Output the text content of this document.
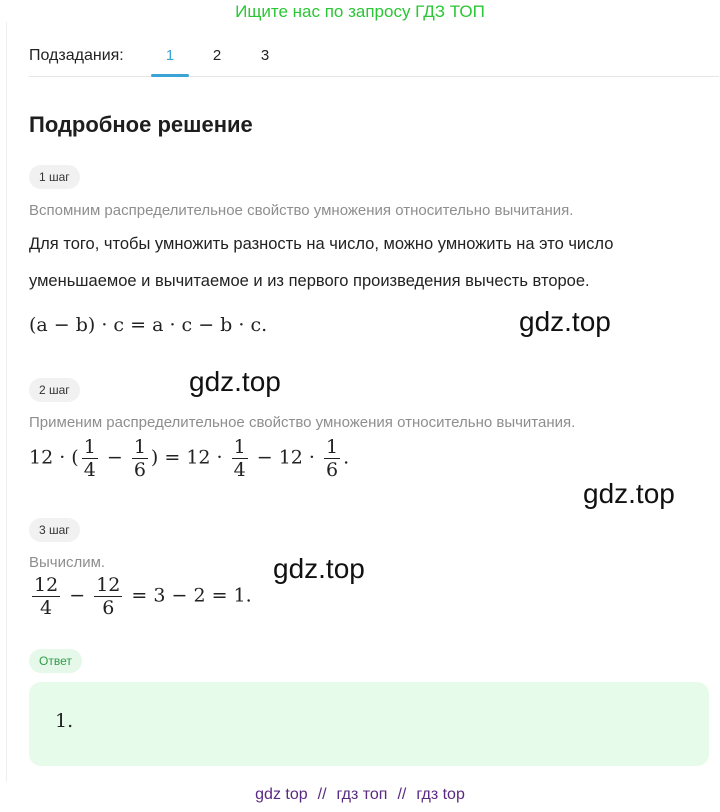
Ищите нас по запросу ГДЗ ТОП
Подзадания:	1	2	3
Подробное решение
1 шаг
Вспомним распределительное свойство умножения относительно вычитания.
Для того, чтобы умножить разность на число, можно умножить на это число
уменьшаемое и вычитаемое и из первого произведения вычесть второе.
(a − b) · c = a · c − b · c.	gdz.top
gdz.top
2 шаг
Применим распределительное свойство умножения относительно вычитания.
12 · ( $\frac{1}{4} - \frac{1}{6}$ ) = $12 \cdot \frac{1}{4} - 12 \cdot \frac{1}{6}$ .
gdz.top
3 шаг
Вычислим.	gdz.top
$\frac{12}{4} - \frac{12}{6} = 3 - 2 = 1$.
Ответ
1.
gdz top // гдз топ // гдз top
